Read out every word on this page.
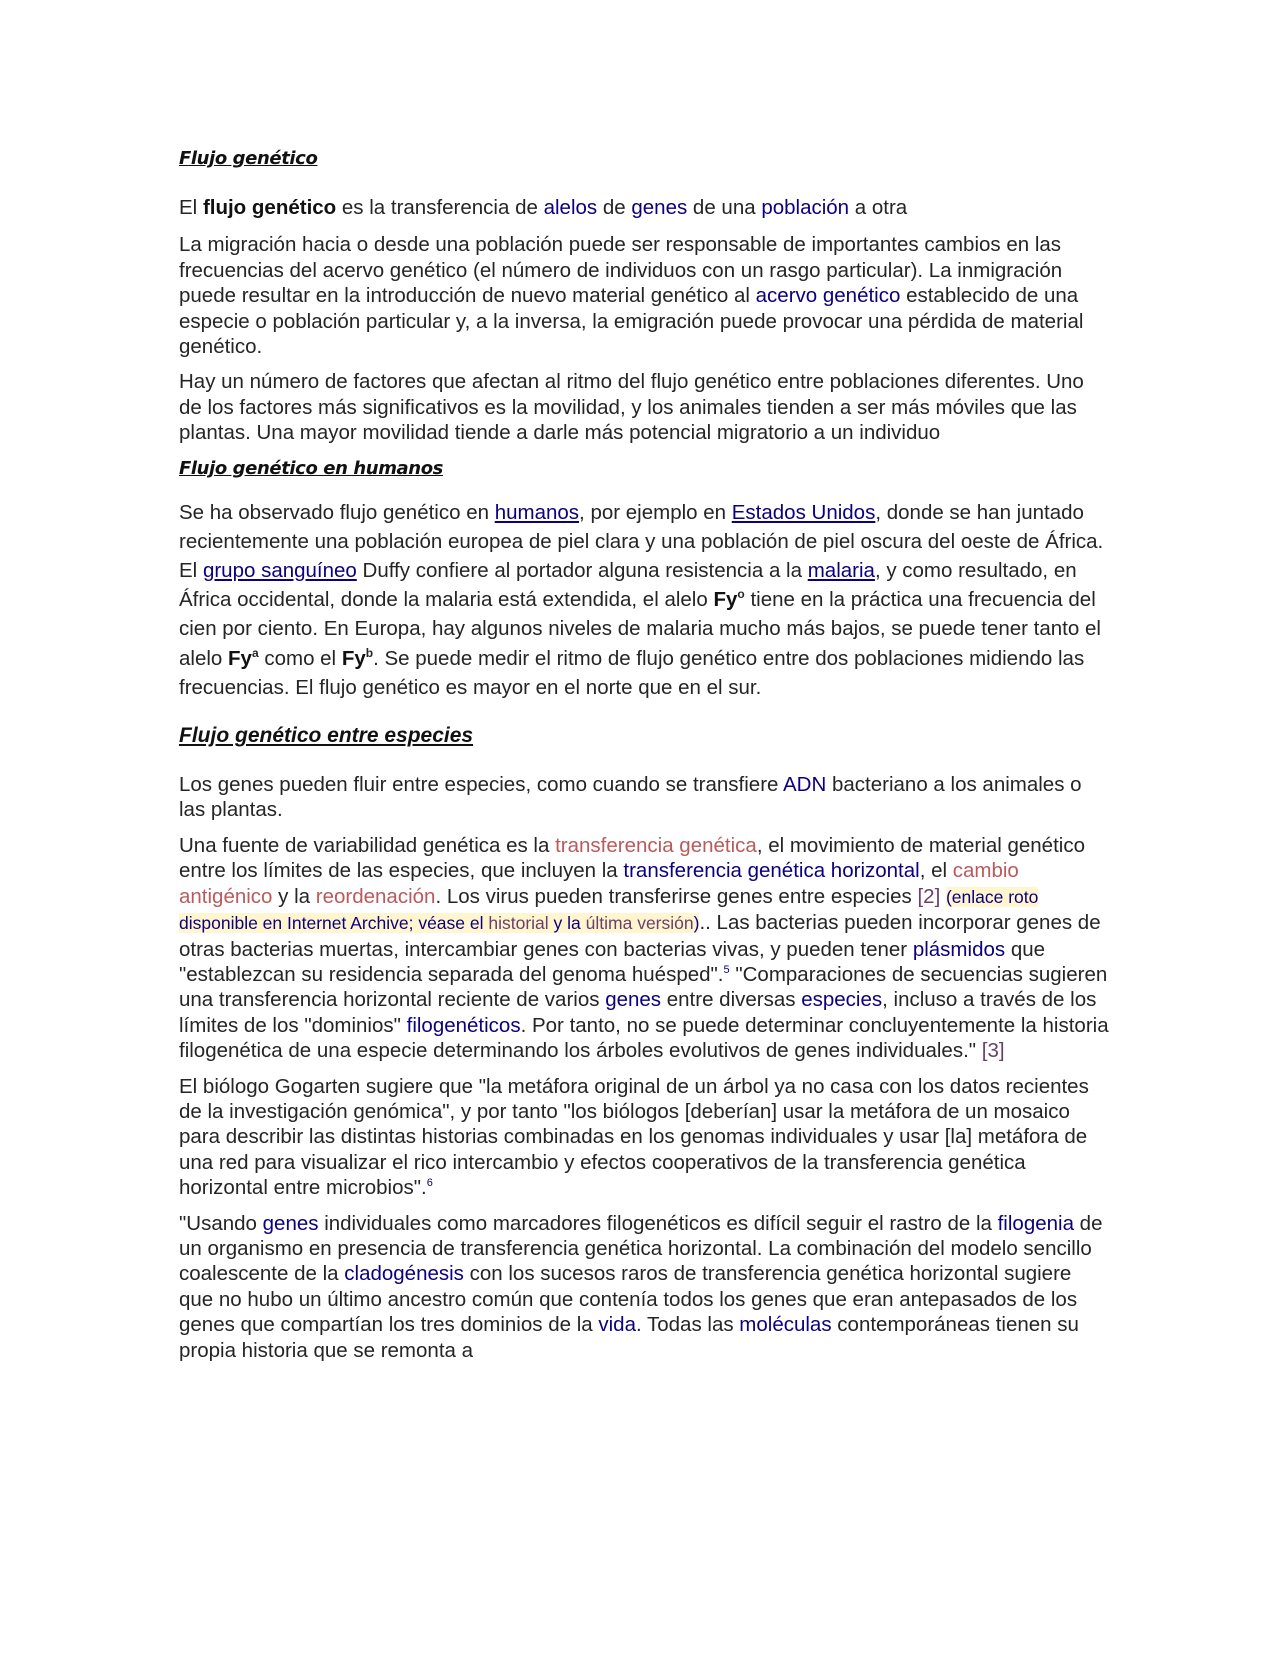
Flujo genético

El flujo genético es la transferencia de alelos de genes de una población a otra

La migración hacia o desde una población puede ser responsable de importantes cambios en las frecuencias del acervo genético (el número de individuos con un rasgo particular). La inmigración puede resultar en la introducción de nuevo material genético al acervo genético establecido de una especie o población particular y, a la inversa, la emigración puede provocar una pérdida de material genético.

Hay un número de factores que afectan al ritmo del flujo genético entre poblaciones diferentes. Uno de los factores más significativos es la movilidad, y los animales tienden a ser más móviles que las plantas. Una mayor movilidad tiende a darle más potencial migratorio a un individuo

Flujo genético en humanos

Se ha observado flujo genético en humanos, por ejemplo en Estados Unidos, donde se han juntado recientemente una población europea de piel clara y una población de piel oscura del oeste de África. El grupo sanguíneo Duffy confiere al portador alguna resistencia a la malaria, y como resultado, en África occidental, donde la malaria está extendida, el alelo Fy$^o$ tiene en la práctica una frecuencia del cien por ciento. En Europa, hay algunos niveles de malaria mucho más bajos, se puede tener tanto el alelo Fy$^a$ como el Fy$^b$. Se puede medir el ritmo de flujo genético entre dos poblaciones midiendo las frecuencias. El flujo genético es mayor en el norte que en el sur.

Flujo genético entre especies

Los genes pueden fluir entre especies, como cuando se transfiere ADN bacteriano a los animales o las plantas.

Una fuente de variabilidad genética es la transferencia genética, el movimiento de material genético entre los límites de las especies, que incluyen la transferencia genética horizontal, el cambio antigénico y la reordenación. Los virus pueden transferirse genes entre especies [2] (enlace roto disponible en Internet Archive; véase el historial y la última versión).. Las bacterias pueden incorporar genes de otras bacterias muertas, intercambiar genes con bacterias vivas, y pueden tener plásmidos que "establezcan su residencia separada del genoma huésped".$^5$ "Comparaciones de secuencias sugieren una transferencia horizontal reciente de varios genes entre diversas especies, incluso a través de los límites de los "dominios" filogenéticos. Por tanto, no se puede determinar concluyentemente la historia filogenética de una especie determinando los árboles evolutivos de genes individuales." [3]

El biólogo Gogarten sugiere que "la metáfora original de un árbol ya no casa con los datos recientes de la investigación genómica", y por tanto "los biólogos [deberían] usar la metáfora de un mosaico para describir las distintas historias combinadas en los genomas individuales y usar [la] metáfora de una red para visualizar el rico intercambio y efectos cooperativos de la transferencia genética horizontal entre microbios".$^6$

"Usando genes individuales como marcadores filogenéticos es difícil seguir el rastro de la filogenia de un organismo en presencia de transferencia genética horizontal. La combinación del modelo sencillo coalescente de la cladogénesis con los sucesos raros de transferencia genética horizontal sugiere que no hubo un último ancestro común que contenía todos los genes que eran antepasados de los genes que compartían los tres dominios de la vida. Todas las moléculas contemporáneas tienen su propia historia que se remonta a
